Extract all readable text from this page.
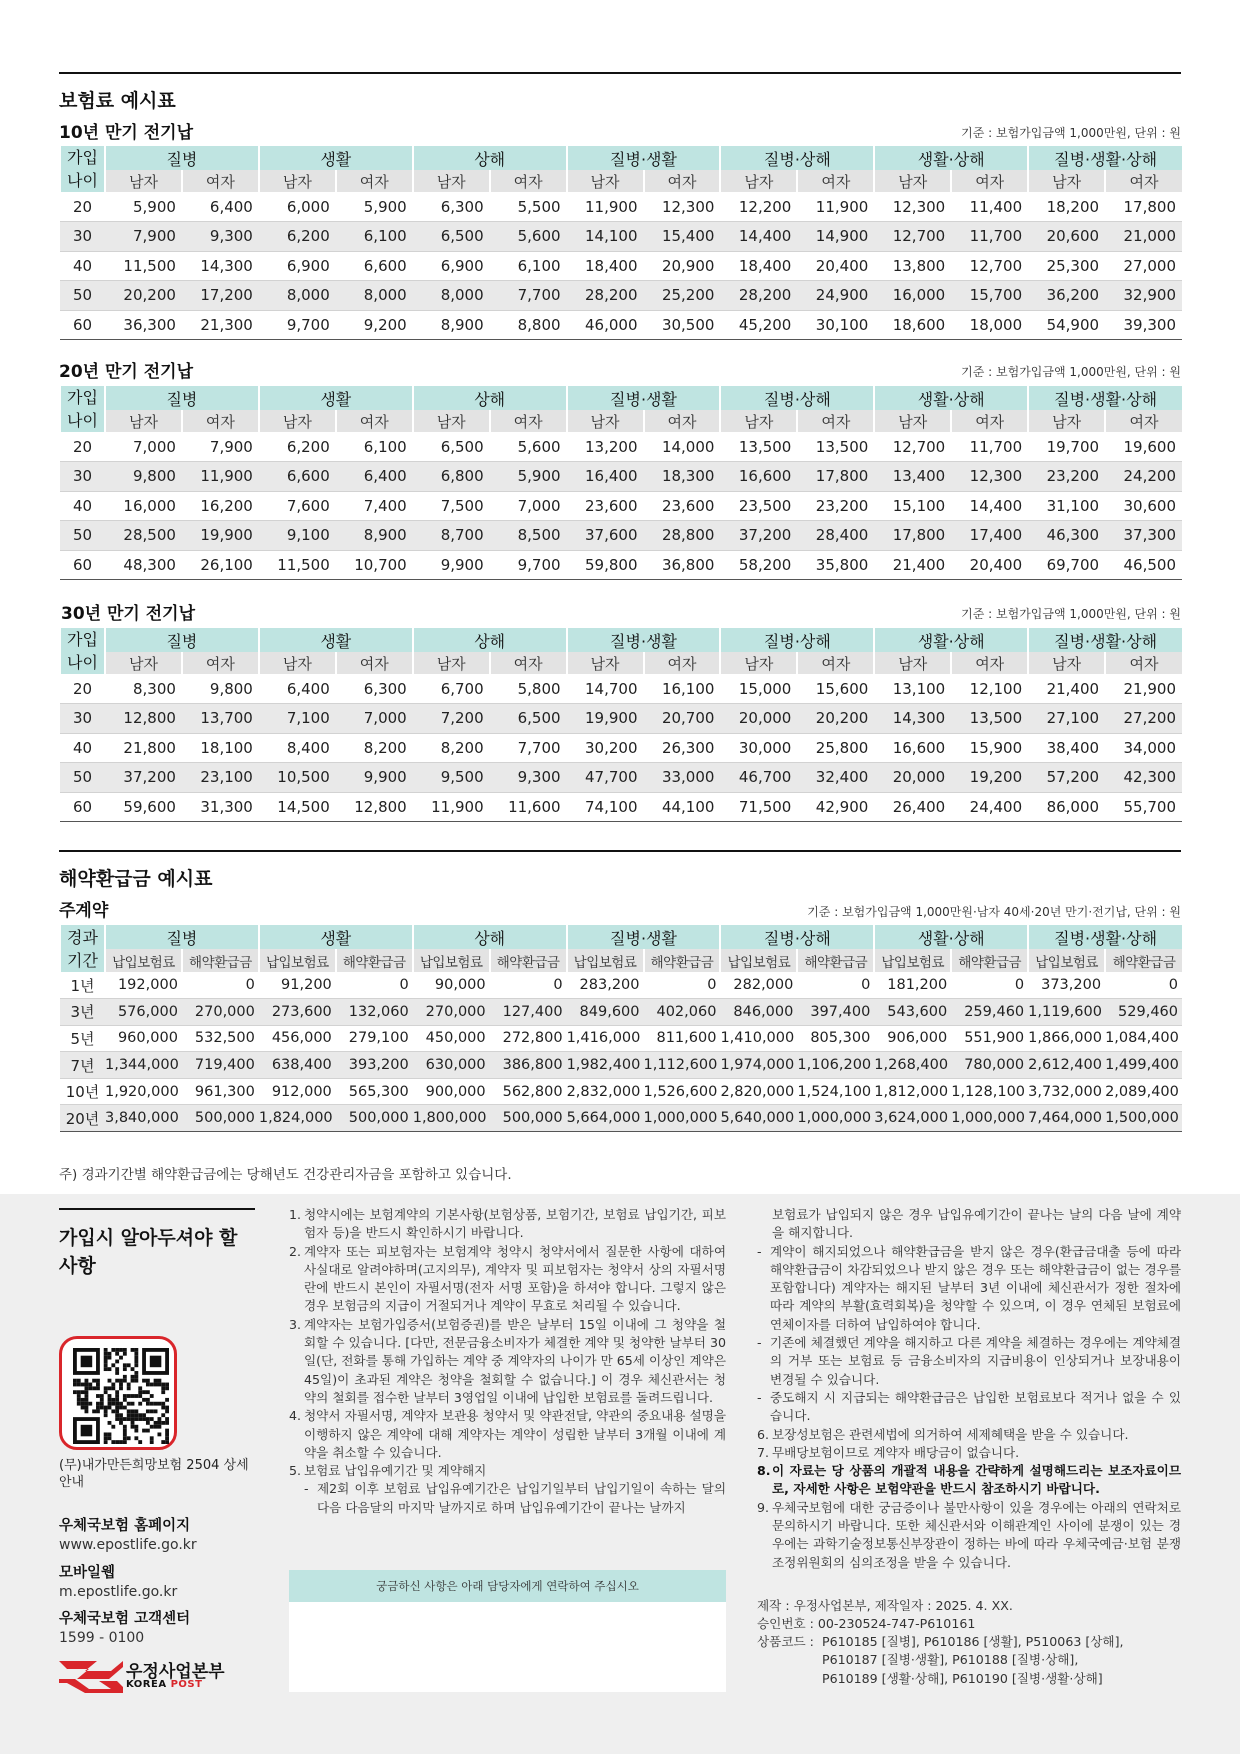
보험료 예시표
10년 만기 전기납	기준 : 보험가입금액 1,000만원, 단위 : 원
가입
나이	질병		생활		상해		질병·생활		질병·상해		생활·상해		질병·생활·상해	
	남자	여자	남자	여자	남자	여자	남자	여자	남자	여자	남자	여자	남자	여자
20	5,900	6,400	6,000	5,900	6,300	5,500	11,900	12,300	12,200	11,900	12,300	11,400	18,200	17,800
30	7,900	9,300	6,200	6,100	6,500	5,600	14,100	15,400	14,400	14,900	12,700	11,700	20,600	21,000
40	11,500	14,300	6,900	6,600	6,900	6,100	18,400	20,900	18,400	20,400	13,800	12,700	25,300	27,000
50	20,200	17,200	8,000	8,000	8,000	7,700	28,200	25,200	28,200	24,900	16,000	15,700	36,200	32,900
60	36,300	21,300	9,700	9,200	8,900	8,800	46,000	30,500	45,200	30,100	18,600	18,000	54,900	39,300
20년 만기 전기납	기준 : 보험가입금액 1,000만원, 단위 : 원
가입
나이	질병		생활		상해		질병·생활		질병·상해		생활·상해		질병·생활·상해	
	남자	여자	남자	여자	남자	여자	남자	여자	남자	여자	남자	여자	남자	여자
20	7,000	7,900	6,200	6,100	6,500	5,600	13,200	14,000	13,500	13,500	12,700	11,700	19,700	19,600
30	9,800	11,900	6,600	6,400	6,800	5,900	16,400	18,300	16,600	17,800	13,400	12,300	23,200	24,200
40	16,000	16,200	7,600	7,400	7,500	7,000	23,600	23,600	23,500	23,200	15,100	14,400	31,100	30,600
50	28,500	19,900	9,100	8,900	8,700	8,500	37,600	28,800	37,200	28,400	17,800	17,400	46,300	37,300
60	48,300	26,100	11,500	10,700	9,900	9,700	59,800	36,800	58,200	35,800	21,400	20,400	69,700	46,500
30년 만기 전기납	기준 : 보험가입금액 1,000만원, 단위 : 원
가입
나이	질병		생활		상해		질병·생활		질병·상해		생활·상해		질병·생활·상해	
	남자	여자	남자	여자	남자	여자	남자	여자	남자	여자	남자	여자	남자	여자
20	8,300	9,800	6,400	6,300	6,700	5,800	14,700	16,100	15,000	15,600	13,100	12,100	21,400	21,900
30	12,800	13,700	7,100	7,000	7,200	6,500	19,900	20,700	20,000	20,200	14,300	13,500	27,100	27,200
40	21,800	18,100	8,400	8,200	8,200	7,700	30,200	26,300	30,000	25,800	16,600	15,900	38,400	34,000
50	37,200	23,100	10,500	9,900	9,500	9,300	47,700	33,000	46,700	32,400	20,000	19,200	57,200	42,300
60	59,600	31,300	14,500	12,800	11,900	11,600	74,100	44,100	71,500	42,900	26,400	24,400	86,000	55,700
해약환급금 예시표
주계약	기준 : 보험가입금액 1,000만원·남자 40세·20년 만기·전기납, 단위 : 원
경과
기간	질병		생활		상해		질병·생활		질병·상해		생활·상해		질병·생활·상해	
	납입보험료	해약환급금	납입보험료	해약환급금	납입보험료	해약환급금	납입보험료	해약환급금	납입보험료	해약환급금	납입보험료	해약환급금	납입보험료	해약환급금
1년	192,000	0	91,200	0	90,000	0	283,200	0	282,000	0	181,200	0	373,200	0
3년	576,000	270,000	273,600	132,060	270,000	127,400	849,600	402,060	846,000	397,400	543,600	259,460	1,119,600	529,460
5년	960,000	532,500	456,000	279,100	450,000	272,800	1,416,000	811,600	1,410,000	805,300	906,000	551,900	1,866,000	1,084,400
7년	1,344,000	719,400	638,400	393,200	630,000	386,800	1,982,400	1,112,600	1,974,000	1,106,200	1,268,400	780,000	2,612,400	1,499,400
10년	1,920,000	961,300	912,000	565,300	900,000	562,800	2,832,000	1,526,600	2,820,000	1,524,100	1,812,000	1,128,100	3,732,000	2,089,400
20년	3,840,000	500,000	1,824,000	500,000	1,800,000	500,000	5,664,000	1,000,000	5,640,000	1,000,000	3,624,000	1,000,000	7,464,000	1,500,000
주) 경과기간별 해약환급금에는 당해년도 건강관리자금을 포함하고 있습니다.
가입시 알아두셔야 할 사항
(무)내가만든희망보험 2504 상세안내
우체국보험 홈페이지
www.epostlife.go.kr
모바일웹
m.epostlife.go.kr
우체국보험 고객센터
1599 - 0100
우정사업본부
KOREA POST
1. 청약시에는 보험계약의 기본사항(보험상품, 보험기간, 보험료 납입기간, 피보험자 등)을 반드시 확인하시기 바랍니다.
2. 계약자 또는 피보험자는 보험계약 청약시 청약서에서 질문한 사항에 대하여 사실대로 알려야하며(고지의무), 계약자 및 피보험자는 청약서 상의 자필서명란에 반드시 본인이 자필서명(전자 서명 포함)을 하셔야 합니다. 그렇지 않은 경우 보험금의 지급이 거절되거나 계약이 무효로 처리될 수 있습니다.
3. 계약자는 보험가입증서(보험증권)를 받은 날부터 15일 이내에 그 청약을 철회할 수 있습니다. [다만, 전문금융소비자가 체결한 계약 및 청약한 날부터 30일(단, 전화를 통해 가입하는 계약 중 계약자의 나이가 만 65세 이상인 계약은 45일)이 초과된 계약은 청약을 철회할 수 없습니다.] 이 경우 체신관서는 청약의 철회를 접수한 날부터 3영업일 이내에 납입한 보험료를 돌려드립니다.
4. 청약서 자필서명, 계약자 보관용 청약서 및 약관전달, 약관의 중요내용 설명을 이행하지 않은 계약에 대해 계약자는 계약이 성립한 날부터 3개월 이내에 계약을 취소할 수 있습니다.
5. 보험료 납입유예기간 및 계약해지
- 제2회 이후 보험료 납입유예기간은 납입기일부터 납입기일이 속하는 달의 다음 다음달의 마지막 날까지로 하며 납입유예기간이 끝나는 날까지
궁금하신 사항은 아래 담당자에게 연락하여 주십시오

보험료가 납입되지 않은 경우 납입유예기간이 끝나는 날의 다음 날에 계약을 해지합니다.

- 계약이 해지되었으나 해약환급금을 받지 않은 경우(환급금대출 등에 따라 해약환급금이 차감되었으나 받지 않은 경우 또는 해약환급금이 없는 경우를 포함합니다) 계약자는 해지된 날부터 3년 이내에 체신관서가 정한 절차에 따라 계약의 부활(효력회복)을 청약할 수 있으며, 이 경우 연체된 보험료에 연체이자를 더하여 납입하여야 합니다.
- 기존에 체결했던 계약을 해지하고 다른 계약을 체결하는 경우에는 계약체결의 거부 또는 보험료 등 금융소비자의 지급비용이 인상되거나 보장내용이 변경될 수 있습니다.
- 중도해지 시 지급되는 해약환급금은 납입한 보험료보다 적거나 없을 수 있습니다.
6. 보장성보험은 관련세법에 의거하여 세제혜택을 받을 수 있습니다.
7. 무배당보험이므로 계약자 배당금이 없습니다.
8. 이 자료는 당 상품의 개괄적 내용을 간략하게 설명해드리는 보조자료이므로, 자세한 사항은 보험약관을 반드시 참조하시기 바랍니다.
9. 우체국보험에 대한 궁금증이나 불만사항이 있을 경우에는 아래의 연락처로 문의하시기 바랍니다. 또한 체신관서와 이해관계인 사이에 분쟁이 있는 경우에는 과학기술정보통신부장관이 정하는 바에 따라 우체국예금·보험 분쟁조정위원회의 심의조정을 받을 수 있습니다.
제작 : 우정사업본부, 제작일자 : 2025. 4. XX.
승인번호 : 00-230524-747-P610161
상품코드 : P610185 [질병], P610186 [생활], P510063 [상해],
P610187 [질병·생활], P610188 [질병·상해],
P610189 [생활·상해], P610190 [질병·생활·상해]
